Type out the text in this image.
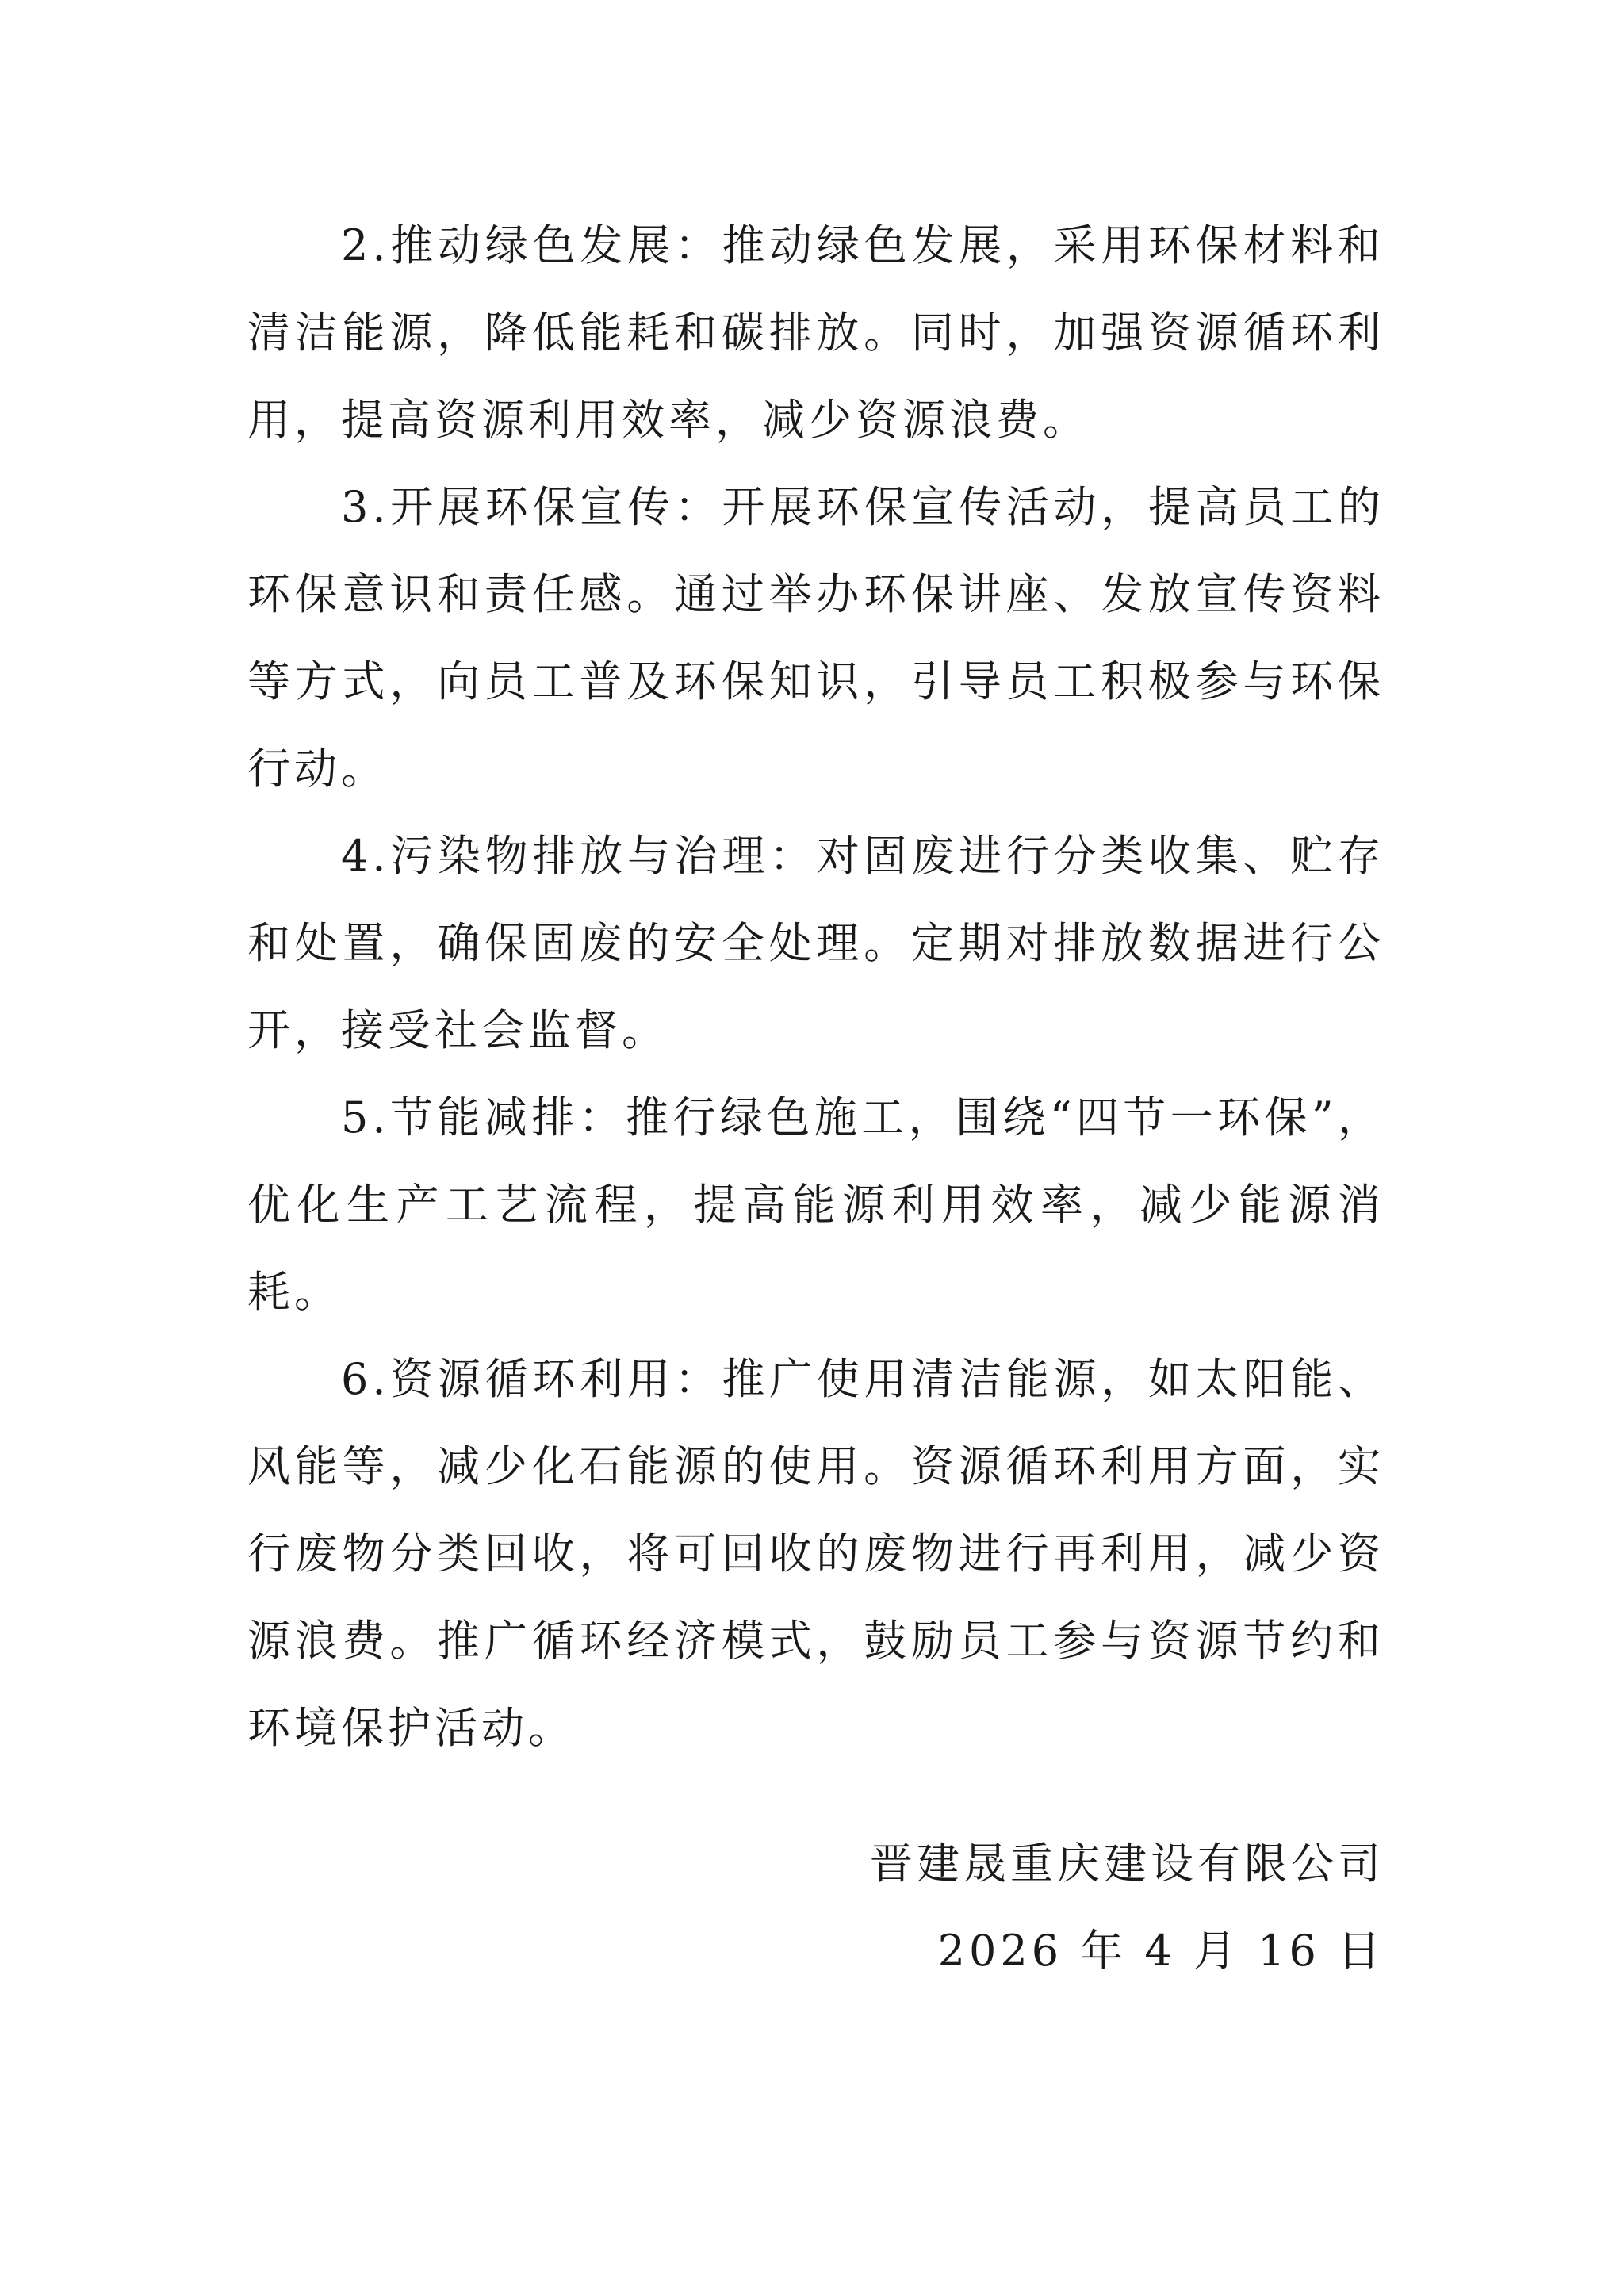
2.推动绿色发展：推动绿色发展，采用环保材料和清洁能源，降低能耗和碳排放。同时，加强资源循环利用，提高资源利用效率，减少资源浪费。

3.开展环保宣传：开展环保宣传活动，提高员工的环保意识和责任感。通过举办环保讲座、发放宣传资料等方式，向员工普及环保知识，引导员工积极参与环保行动。

4.污染物排放与治理：对固废进行分类收集、贮存和处置，确保固废的安全处理。定期对排放数据进行公开，接受社会监督。

5.节能减排：推行绿色施工，围绕“四节一环保”，优化生产工艺流程，提高能源利用效率，减少能源消耗。

6.资源循环利用：推广使用清洁能源，如太阳能、风能等，减少化石能源的使用。资源循环利用方面，实行废物分类回收，将可回收的废物进行再利用，减少资源浪费。推广循环经济模式，鼓励员工参与资源节约和环境保护活动。

晋建晟重庆建设有限公司
2026 年 4 月 16 日
